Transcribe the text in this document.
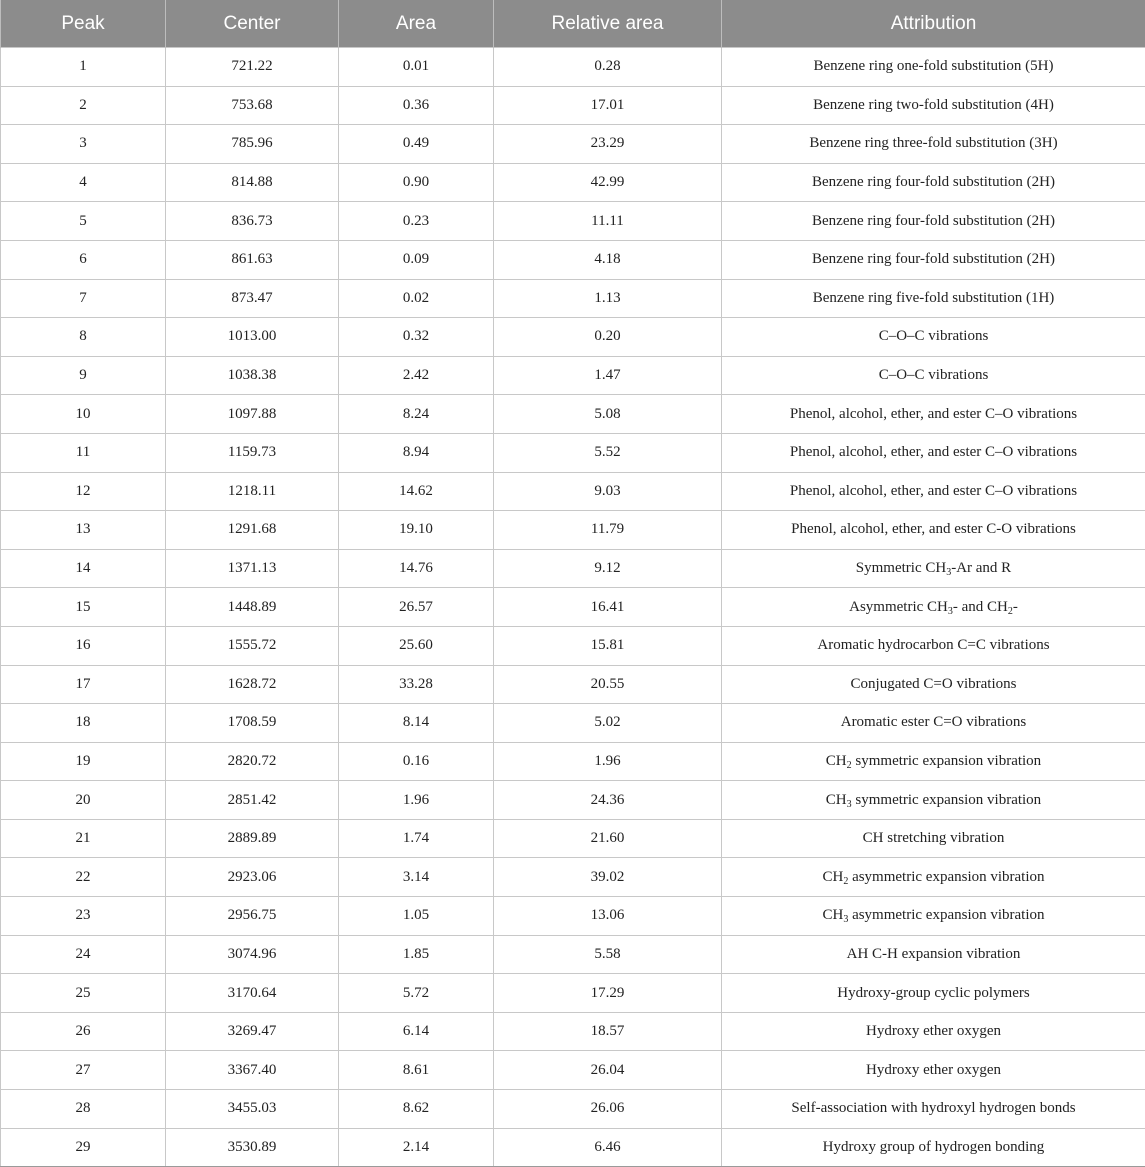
Peak	Center	Area	Relative area	Attribution
1	721.22	0.01	0.28	Benzene ring one-fold substitution (5H)
2	753.68	0.36	17.01	Benzene ring two-fold substitution (4H)
3	785.96	0.49	23.29	Benzene ring three-fold substitution (3H)
4	814.88	0.90	42.99	Benzene ring four-fold substitution (2H)
5	836.73	0.23	11.11	Benzene ring four-fold substitution (2H)
6	861.63	0.09	4.18	Benzene ring four-fold substitution (2H)
7	873.47	0.02	1.13	Benzene ring five-fold substitution (1H)
8	1013.00	0.32	0.20	C–O–C vibrations
9	1038.38	2.42	1.47	C–O–C vibrations
10	1097.88	8.24	5.08	Phenol, alcohol, ether, and ester C–O vibrations
11	1159.73	8.94	5.52	Phenol, alcohol, ether, and ester C–O vibrations
12	1218.11	14.62	9.03	Phenol, alcohol, ether, and ester C–O vibrations
13	1291.68	19.10	11.79	Phenol, alcohol, ether, and ester C-O vibrations
14	1371.13	14.76	9.12	Symmetric $CH_3-Ar$ and R
15	1448.89	26.57	16.41	Asymmetric $CH_3-$ and $CH_2-$
16	1555.72	25.60	15.81	Aromatic hydrocarbon C=C vibrations
17	1628.72	33.28	20.55	Conjugated C=O vibrations
18	1708.59	8.14	5.02	Aromatic ester C=O vibrations
19	2820.72	0.16	1.96	$CH_2$ symmetric expansion vibration
20	2851.42	1.96	24.36	$CH_3$ symmetric expansion vibration
21	2889.89	1.74	21.60	CH stretching vibration
22	2923.06	3.14	39.02	$CH_2$ asymmetric expansion vibration
23	2956.75	1.05	13.06	$CH_3$ asymmetric expansion vibration
24	3074.96	1.85	5.58	AH C-H expansion vibration
25	3170.64	5.72	17.29	Hydroxy-group cyclic polymers
26	3269.47	6.14	18.57	Hydroxy ether oxygen
27	3367.40	8.61	26.04	Hydroxy ether oxygen
28	3455.03	8.62	26.06	Self-association with hydroxyl hydrogen bonds
29	3530.89	2.14	6.46	Hydroxy group of hydrogen bonding
